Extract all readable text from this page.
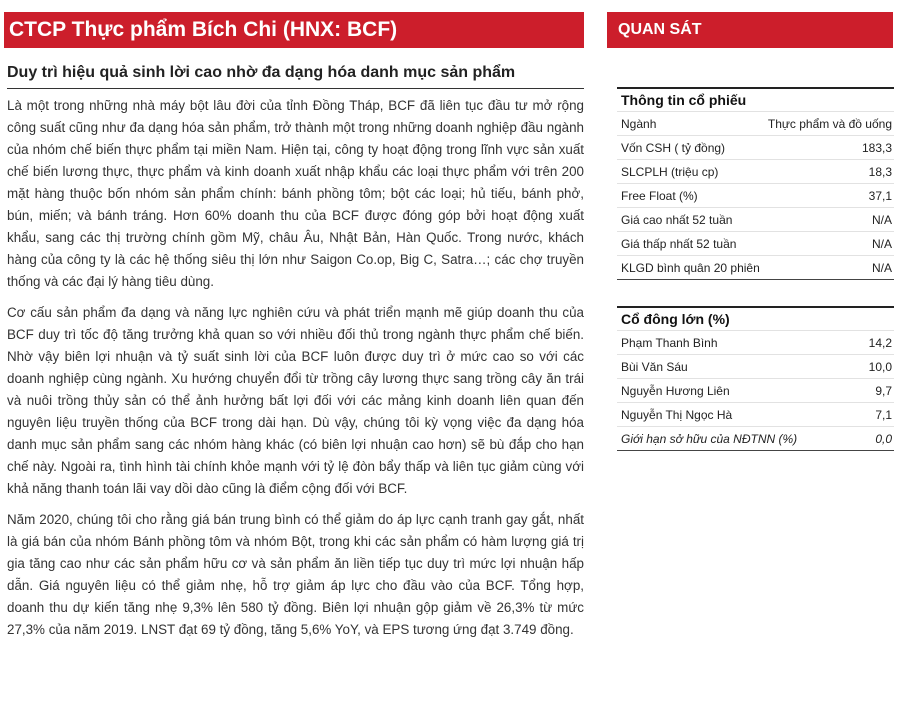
CTCP Thực phẩm Bích Chi (HNX: BCF)
Duy trì hiệu quả sinh lời cao nhờ đa dạng hóa danh mục sản phẩm

Là một trong những nhà máy bột lâu đời của tỉnh Đồng Tháp, BCF đã liên tục đầu tư mở rộng công suất cũng như đa dạng hóa sản phẩm, trở thành một trong những doanh nghiệp đầu ngành của nhóm chế biến thực phẩm tại miền Nam. Hiện tại, công ty hoạt động trong lĩnh vực sản xuất chế biến lương thực, thực phẩm và kinh doanh xuất nhập khẩu các loại thực phẩm với trên 200 mặt hàng thuộc bốn nhóm sản phẩm chính: bánh phồng tôm; bột các loại; hủ tiếu, bánh phở, bún, miến; và bánh tráng. Hơn 60% doanh thu của BCF được đóng góp bởi hoạt động xuất khẩu, sang các thị trường chính gồm Mỹ, châu Âu, Nhật Bản, Hàn Quốc. Trong nước, khách hàng của công ty là các hệ thống siêu thị lớn như Saigon Co.op, Big C, Satra…; các chợ truyền thống và các đại lý hàng tiêu dùng.

Cơ cấu sản phẩm đa dạng và năng lực nghiên cứu và phát triển mạnh mẽ giúp doanh thu của BCF duy trì tốc độ tăng trưởng khả quan so với nhiều đối thủ trong ngành thực phẩm chế biến. Nhờ vậy biên lợi nhuận và tỷ suất sinh lời của BCF luôn được duy trì ở mức cao so với các doanh nghiệp cùng ngành. Xu hướng chuyển đổi từ trồng cây lương thực sang trồng cây ăn trái và nuôi trồng thủy sản có thể ảnh hưởng bất lợi đối với các mảng kinh doanh liên quan đến nguyên liệu truyền thống của BCF trong dài hạn. Dù vậy, chúng tôi kỳ vọng việc đa dạng hóa danh mục sản phẩm sang các nhóm hàng khác (có biên lợi nhuận cao hơn) sẽ bù đắp cho hạn chế này. Ngoài ra, tình hình tài chính khỏe mạnh với tỷ lệ đòn bẩy thấp và liên tục giảm cùng với khả năng thanh toán lãi vay dồi dào cũng là điểm cộng đối với BCF.

Năm 2020, chúng tôi cho rằng giá bán trung bình có thể giảm do áp lực cạnh tranh gay gắt, nhất là giá bán của nhóm Bánh phồng tôm và nhóm Bột, trong khi các sản phẩm có hàm lượng giá trị gia tăng cao như các sản phẩm hữu cơ và sản phẩm ăn liền tiếp tục duy trì mức lợi nhuận hấp dẫn. Giá nguyên liệu có thể giảm nhẹ, hỗ trợ giảm áp lực cho đầu vào của BCF. Tổng hợp, doanh thu dự kiến tăng nhẹ 9,3% lên 580 tỷ đồng. Biên lợi nhuận gộp giảm về 26,3% từ mức 27,3% của năm 2019. LNST đạt 69 tỷ đồng, tăng 5,6% YoY, và EPS tương ứng đạt 3.749 đồng.

QUAN SÁT
Thông tin cổ phiếu
Ngành	Thực phẩm và đồ uống
Vốn CSH ( tỷ đồng)	183,3
SLCPLH (triệu cp)	18,3
Free Float (%)	37,1
Giá cao nhất 52 tuần	N/A
Giá thấp nhất 52 tuần	N/A
KLGD bình quân 20 phiên	N/A
Cổ đông lớn (%)
Phạm Thanh Bình	14,2
Bùi Văn Sáu	10,0
Nguyễn Hương Liên	9,7
Nguyễn Thị Ngọc Hà	7,1
Giới hạn sở hữu của NĐTNN (%)	0,0
